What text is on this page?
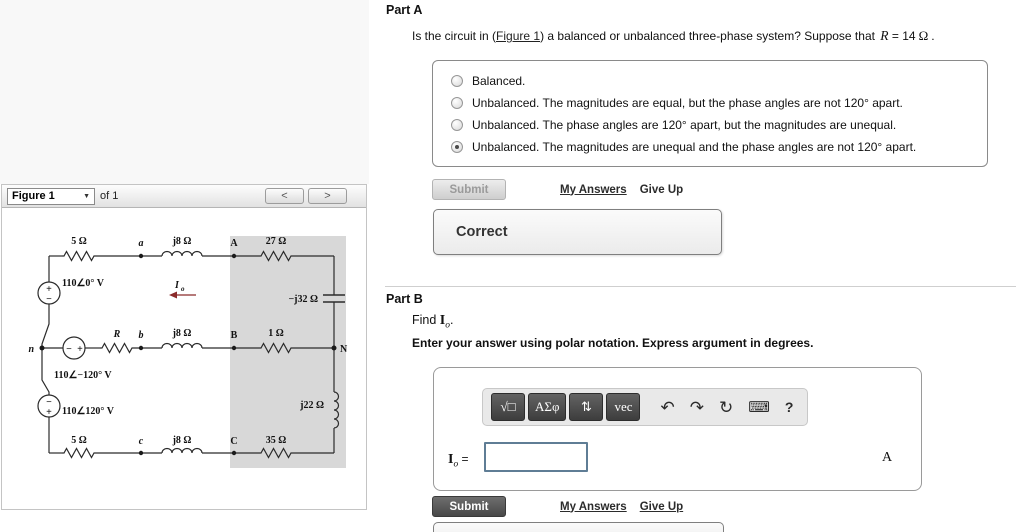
Figure 1	▼ of 1	<	>
5 Ω	a	j8 Ω	A	27 Ω
110∠0° V	I o
−j32 Ω
n
R b	j8 Ω	B	1 Ω
N
110∠−120° V
110∠120° V
j22 Ω
5 Ω	c	j8 Ω	C	35 Ω
+
−
− +
−
+
Part A
Is the circuit in (Figure 1) a balanced or unbalanced three-phase system? Suppose that R = 14 Ω .
Balanced.
Unbalanced. The magnitudes are equal, but the phase angles are not 120° apart.
Unbalanced. The phase angles are 120° apart, but the magnitudes are unequal.
Unbalanced. The magnitudes are unequal and the phase angles are not 120° apart.
Submit	My Answers Give Up
Correct
Part B
Find $I_o$.
Enter your answer using polar notation. Express argument in degrees.
√□ ΑΣφ ⇅ vec ↶ ↷ ↻ ⌨ ?
$I_o$ =	A
Submit	My Answers Give Up
